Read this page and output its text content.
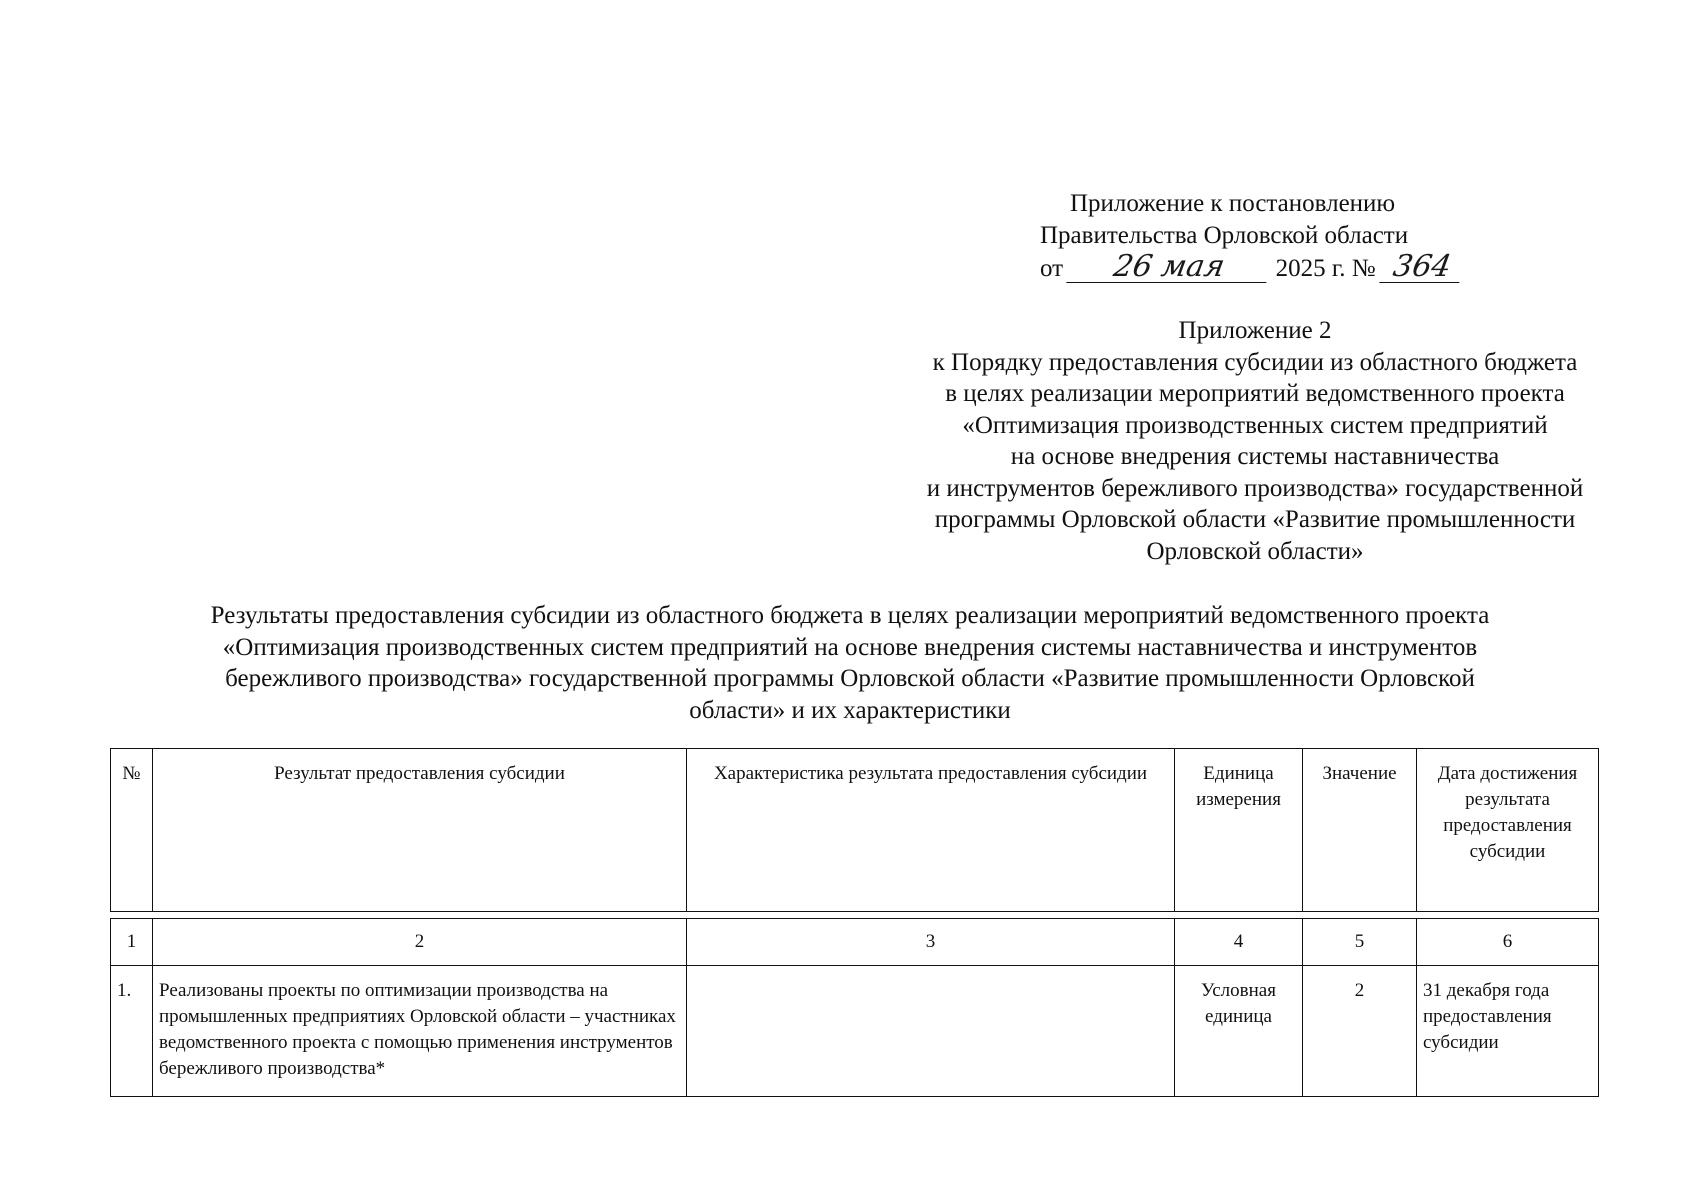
Приложение к постановлению
Правительства Орловской области
от 26 мая 2025 г. № 364
Приложение 2
к Порядку предоставления субсидии из областного бюджета
в целях реализации мероприятий ведомственного проекта
«Оптимизация производственных систем предприятий
на основе внедрения системы наставничества
и инструментов бережливого производства» государственной
программы Орловской области «Развитие промышленности
Орловской области»
Результаты предоставления субсидии из областного бюджета в целях реализации мероприятий ведомственного проекта
«Оптимизация производственных систем предприятий на основе внедрения системы наставничества и инструментов
бережливого производства» государственной программы Орловской области «Развитие промышленности Орловской
области» и их характеристики
№	Результат предоставления субсидии	Характеристика результата предоставления субсидии	Единица измерения	Значение	Дата достижения результата предоставления субсидии

1	2	3	4	5	6
1.	Реализованы проекты по оптимизации производства на промышленных предприятиях Орловской области – участниках ведомственного проекта с помощью применения инструментов бережливого производства*		Условная единица	2	31 декабря года предоставления субсидии
